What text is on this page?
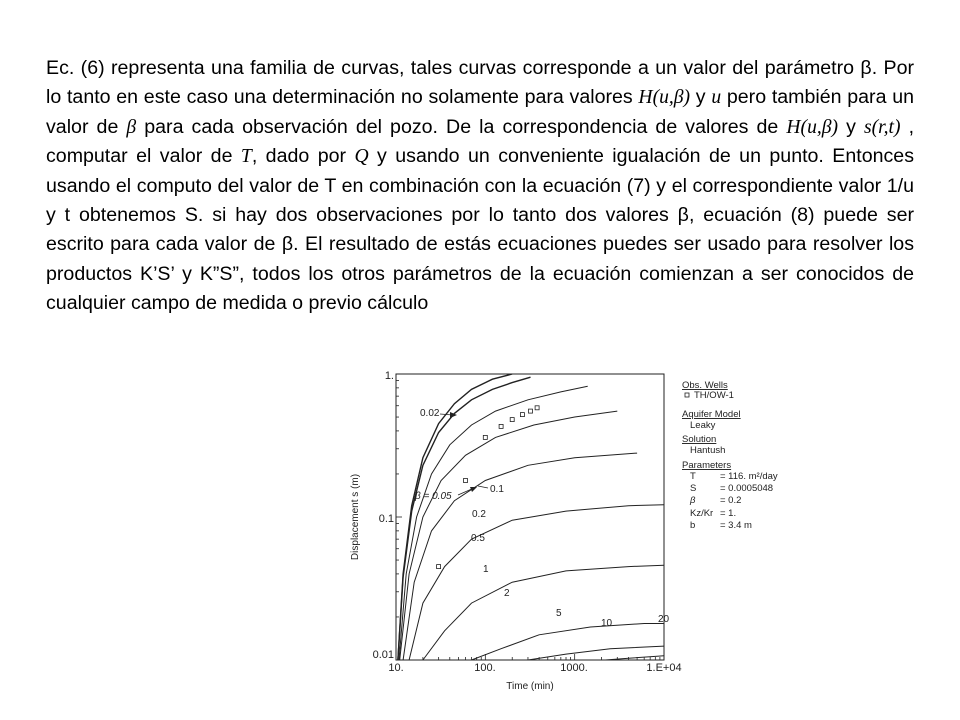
Ec. (6) representa una familia de curvas, tales curvas corresponde a un valor del parámetro β. Por lo tanto en este caso una determinación no solamente para valores H(u,β) y u pero también para un valor de β para cada observación del pozo. De la correspondencia de valores de H(u,β) y s(r,t) , computar el valor de T, dado por Q y usando un conveniente igualación de un punto. Entonces usando el computo del valor de T en combinación con la ecuación (7) y el correspondiente valor 1/u y t obtenemos S. si hay dos observaciones por lo tanto dos valores β, ecuación (8) puede ser escrito para cada valor de β. El resultado de estás ecuaciones puedes ser usado para resolver los productos K’S’ y K”S”, todos los otros parámetros de la ecuación comienzan a ser conocidos de cualquier campo de medida o previo cálculo
1.
0.1
0.01
10.	100.	1000.	1.E+04
Time (min)
Displacement s (m)	β = 0.05
0.02
0.1
0.2
0.5
1
2
5
10	20
Obs. Wells
TH/OW-1
Aquifer Model
Leaky
Solution
Hantush
Parameters
T	= 116. m²/day
S = 0.0005048
β	= 0.2
Kz/Kr = 1.
b	= 3.4 m
